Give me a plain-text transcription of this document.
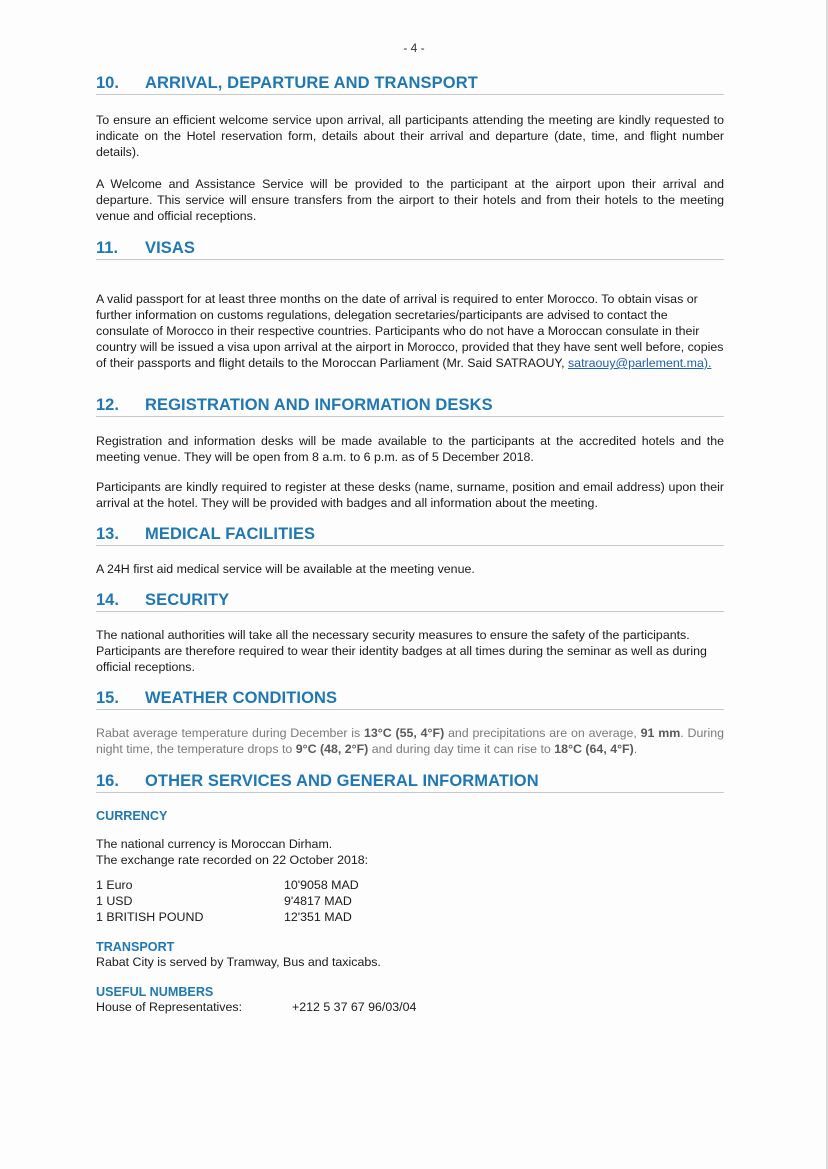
- 4 -
10.	ARRIVAL, DEPARTURE AND TRANSPORT

To ensure an efficient welcome service upon arrival, all participants attending the meeting are kindly requested to indicate on the Hotel reservation form, details about their arrival and departure (date, time, and flight number details).

A Welcome and Assistance Service will be provided to the participant at the airport upon their arrival and departure. This service will ensure transfers from the airport to their hotels and from their hotels to the meeting venue and official receptions.

11.	VISAS

A valid passport for at least three months on the date of arrival is required to enter Morocco. To obtain visas or further information on customs regulations, delegation secretaries/participants are advised to contact the consulate of Morocco in their respective countries. Participants who do not have a Moroccan consulate in their country will be issued a visa upon arrival at the airport in Morocco, provided that they have sent well before, copies of their passports and flight details to the Moroccan Parliament (Mr. Said SATRAOUY, satraouy@parlement.ma).

12.	REGISTRATION AND INFORMATION DESKS

Registration and information desks will be made available to the participants at the accredited hotels and the meeting venue. They will be open from 8 a.m. to 6 p.m. as of 5 December 2018.

Participants are kindly required to register at these desks (name, surname, position and email address) upon their arrival at the hotel. They will be provided with badges and all information about the meeting.

13.	MEDICAL FACILITIES

A 24H first aid medical service will be available at the meeting venue.

14.	SECURITY

The national authorities will take all the necessary security measures to ensure the safety of the participants. Participants are therefore required to wear their identity badges at all times during the seminar as well as during official receptions.

15.	WEATHER CONDITIONS

Rabat average temperature during December is 13°C (55, 4°F) and precipitations are on average, 91 mm. During night time, the temperature drops to 9°C (48, 2°F) and during day time it can rise to 18°C (64, 4°F).

16.	OTHER SERVICES AND GENERAL INFORMATION
CURRENCY

The national currency is Moroccan Dirham.

The exchange rate recorded on 22 October 2018:

1 Euro	10'9058 MAD
1 USD	9'4817 MAD
1 BRITISH POUND	12'351 MAD
TRANSPORT

Rabat City is served by Tramway, Bus and taxicabs.

USEFUL NUMBERS
House of Representatives:	+212 5 37 67 96/03/04
